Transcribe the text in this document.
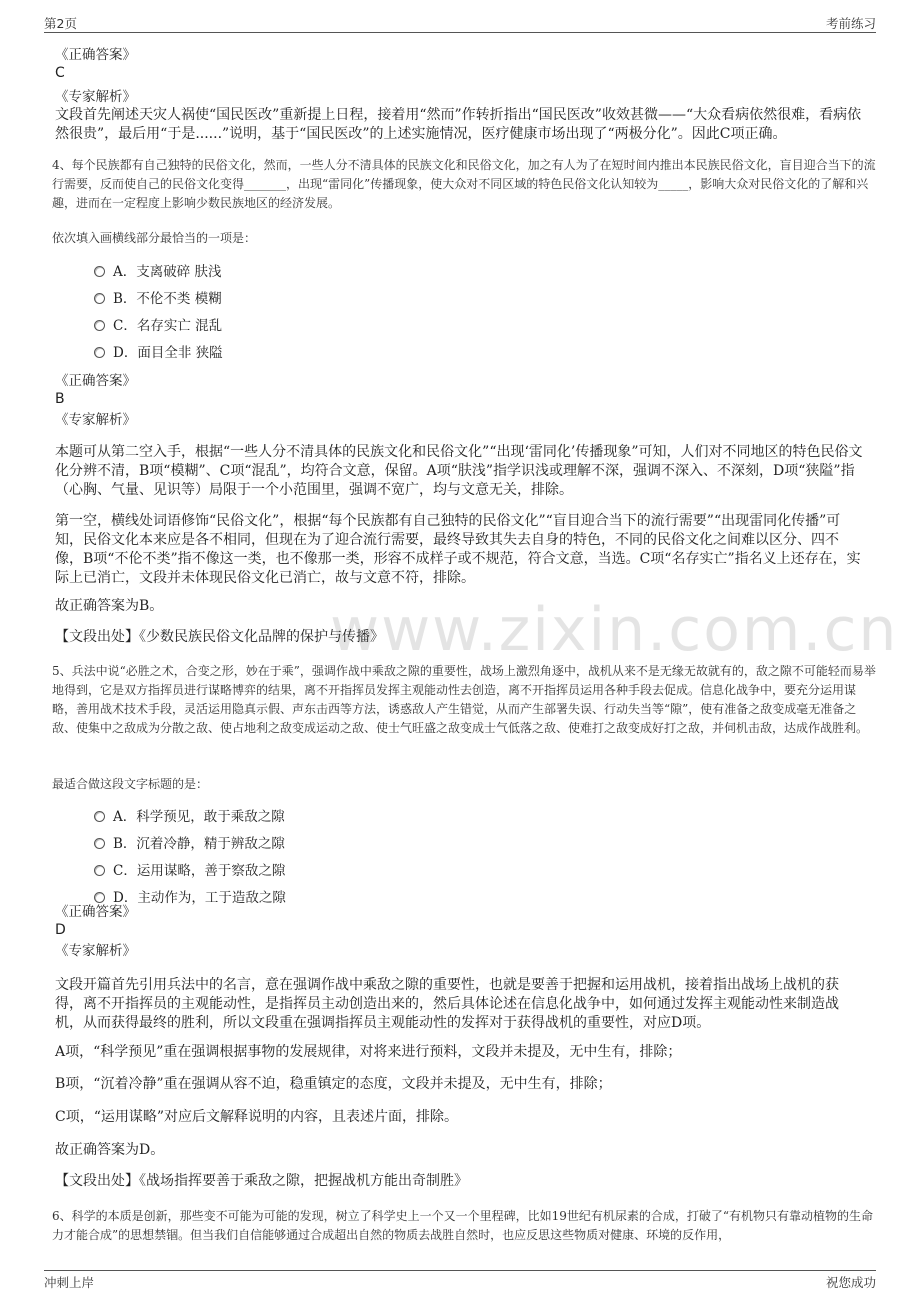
第2页	考前练习
www.zixin.com.cn

《正确答案》

C

《专家解析》

文段首先阐述天灾人祸使“国民医改”重新提上日程，接着用“然而”作转折指出“国民医改”收效甚微——“大众看病依然很难，看病依然很贵”，最后用“于是......”说明，基于“国民医改”的上述实施情况，医疗健康市场出现了“两极分化”。因此C项正确。

4、每个民族都有自己独特的民俗文化，然而，一些人分不清具体的民族文化和民俗文化，加之有人为了在短时间内推出本民族民俗文化，盲目迎合当下的流行需要，反而使自己的民俗文化变得_______，出现“雷同化”传播现象，使大众对不同区域的特色民俗文化认知较为_____，影响大众对民俗文化的了解和兴趣，进而在一定程度上影响少数民族地区的经济发展。

依次填入画横线部分最恰当的一项是：

A．支离破碎 肤浅
B．不伦不类 模糊
C．名存实亡 混乱
D．面目全非 狭隘

《正确答案》

B

《专家解析》

本题可从第二空入手，根据“一些人分不清具体的民族文化和民俗文化”“出现‘雷同化’传播现象”可知，人们对不同地区的特色民俗文化分辨不清，B项“模糊”、C项“混乱”，均符合文意，保留。A项“肤浅”指学识浅或理解不深，强调不深入、不深刻，D项“狭隘”指（心胸、气量、见识等）局限于一个小范围里，强调不宽广，均与文意无关，排除。

第一空，横线处词语修饰“民俗文化”，根据“每个民族都有自己独特的民俗文化”“盲目迎合当下的流行需要”“出现雷同化传播”可知，民俗文化本来应是各不相同，但现在为了迎合流行需要，最终导致其失去自身的特色，不同的民俗文化之间难以区分、四不像，B项“不伦不类”指不像这一类，也不像那一类，形容不成样子或不规范，符合文意，当选。C项“名存实亡”指名义上还存在，实际上已消亡，文段并未体现民俗文化已消亡，故与文意不符，排除。

故正确答案为B。

【文段出处】《少数民族民俗文化品牌的保护与传播》

5、兵法中说“必胜之术，合变之形，妙在于乘”，强调作战中乘敌之隙的重要性，战场上激烈角逐中，战机从来不是无缘无故就有的，敌之隙不可能轻而易举地得到，它是双方指挥员进行谋略博弈的结果，离不开指挥员发挥主观能动性去创造，离不开指挥员运用各种手段去促成。信息化战争中，要充分运用谋略，善用战术技术手段，灵活运用隐真示假、声东击西等方法，诱惑敌人产生错觉，从而产生部署失误、行动失当等“隙”，使有准备之敌变成毫无准备之敌、使集中之敌成为分散之敌、使占地利之敌变成运动之敌、使士气旺盛之敌变成士气低落之敌、使难打之敌变成好打之敌，并伺机击敌，达成作战胜利。

最适合做这段文字标题的是：

A．科学预见，敢于乘敌之隙
B．沉着冷静，精于辨敌之隙
C．运用谋略，善于察敌之隙
D．主动作为，工于造敌之隙

《正确答案》

D

《专家解析》

文段开篇首先引用兵法中的名言，意在强调作战中乘敌之隙的重要性，也就是要善于把握和运用战机，接着指出战场上战机的获得，离不开指挥员的主观能动性，是指挥员主动创造出来的，然后具体论述在信息化战争中，如何通过发挥主观能动性来制造战机，从而获得最终的胜利，所以文段重在强调指挥员主观能动性的发挥对于获得战机的重要性，对应D项。

A项，“科学预见”重在强调根据事物的发展规律，对将来进行预料，文段并未提及，无中生有，排除；

B项，“沉着冷静”重在强调从容不迫，稳重镇定的态度，文段并未提及，无中生有，排除；

C项，“运用谋略”对应后文解释说明的内容，且表述片面，排除。

故正确答案为D。

【文段出处】《战场指挥要善于乘敌之隙，把握战机方能出奇制胜》

6、科学的本质是创新，那些变不可能为可能的发现，树立了科学史上一个又一个里程碑，比如19世纪有机尿素的合成，打破了“有机物只有靠动植物的生命力才能合成”的思想禁锢。但当我们自信能够通过合成超出自然的物质去战胜自然时，也应反思这些物质对健康、环境的反作用，

冲刺上岸	祝您成功
